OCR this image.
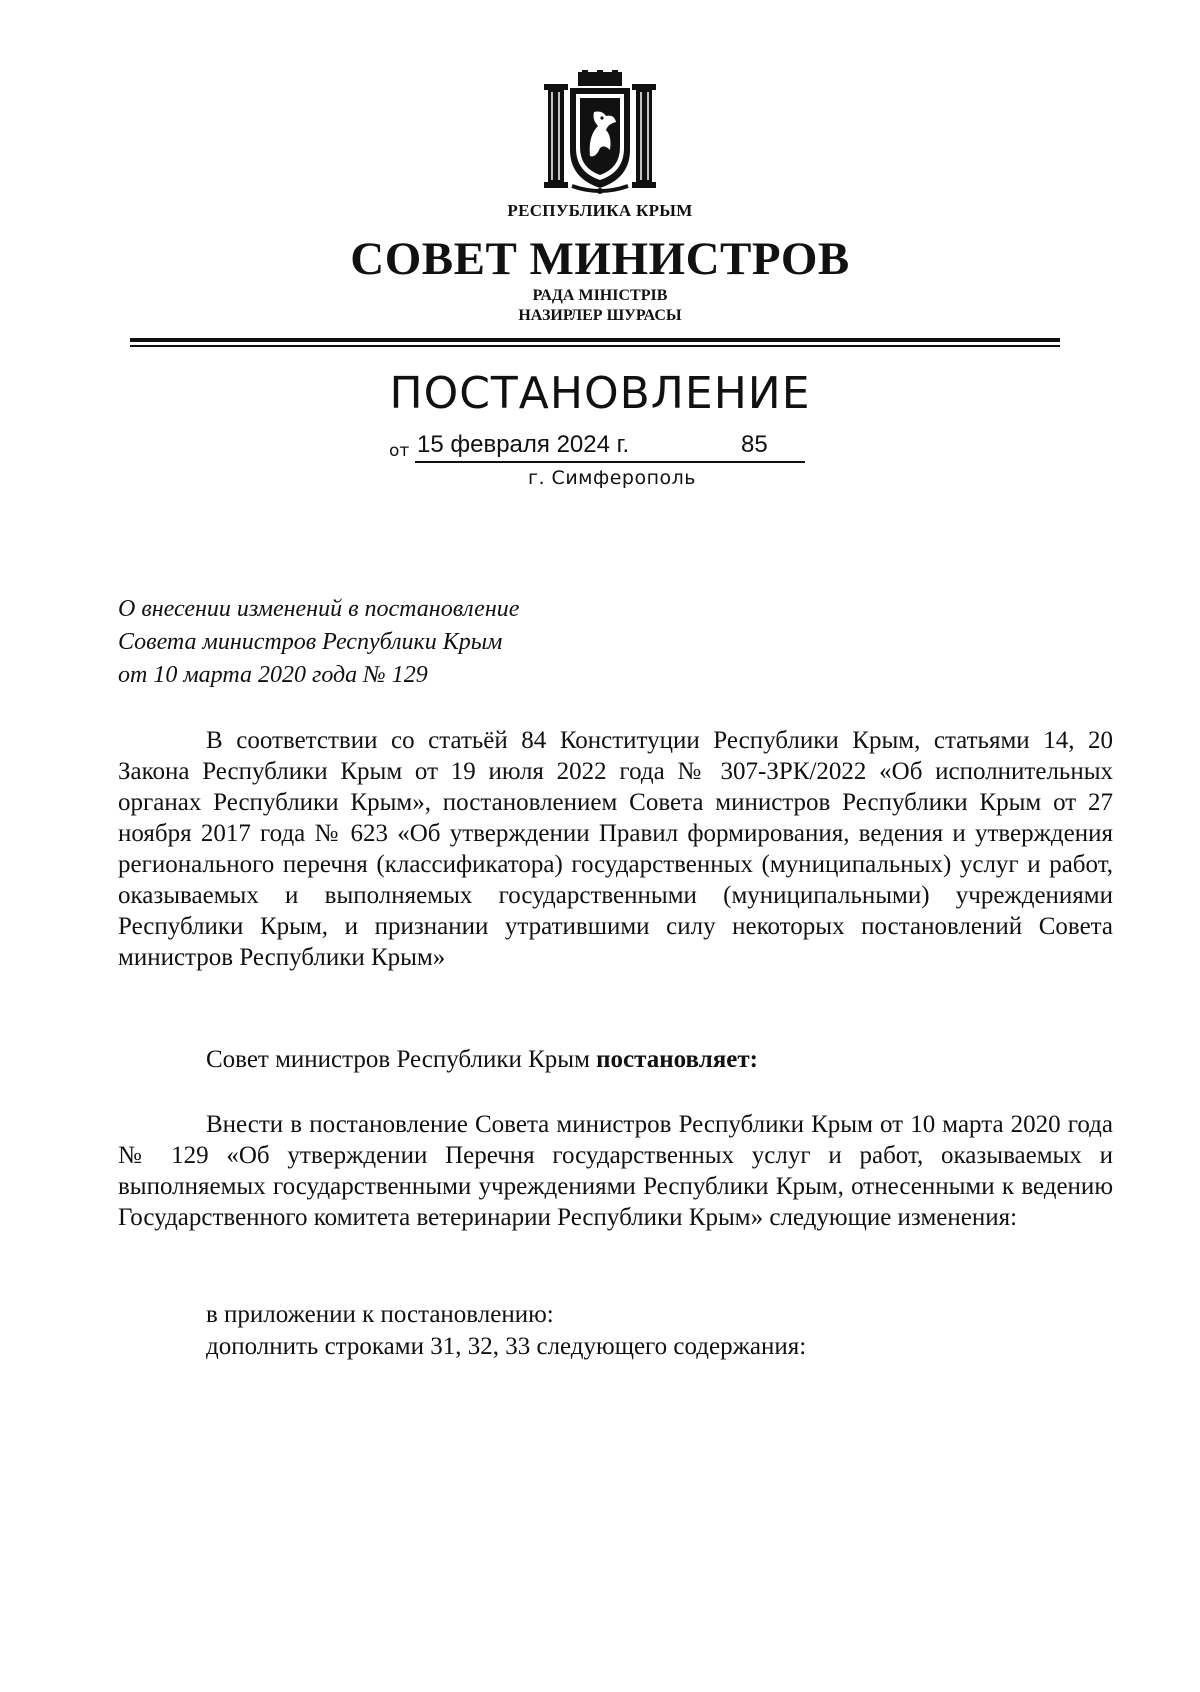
РЕСПУБЛИКА КРЫМ
СОВЕТ МИНИСТРОВ
РАДА МІНІСТРІВ
НАЗИРЛЕР ШУРАСЫ
ПОСТАНОВЛЕНИЕ
от 15 февраля 2024 г.	85
г. Симферополь
О внесении изменений в постановление
Совета министров Республики Крым
от 10 марта 2020 года № 129
В соответствии со статьёй 84 Конституции Республики Крым, статьями 14, 20 Закона Республики Крым от 19 июля 2022 года № 307-ЗРК/2022 «Об исполнительных органах Республики Крым», постановлением Совета министров Республики Крым от 27 ноября 2017 года № 623 «Об утверждении Правил формирования, ведения и утверждения регионального перечня (классификатора) государственных (муниципальных) услуг и работ, оказываемых и выполняемых государственными (муниципальными) учреждениями Республики Крым, и признании утратившими силу некоторых постановлений Совета министров Республики Крым»
Совет министров Республики Крым постановляет:
Внести в постановление Совета министров Республики Крым от 10 марта 2020 года № 129 «Об утверждении Перечня государственных услуг и работ, оказываемых и выполняемых государственными учреждениями Республики Крым, отнесенными к ведению Государственного комитета ветеринарии Республики Крым» следующие изменения:
в приложении к постановлению:
дополнить строками 31, 32, 33 следующего содержания:
